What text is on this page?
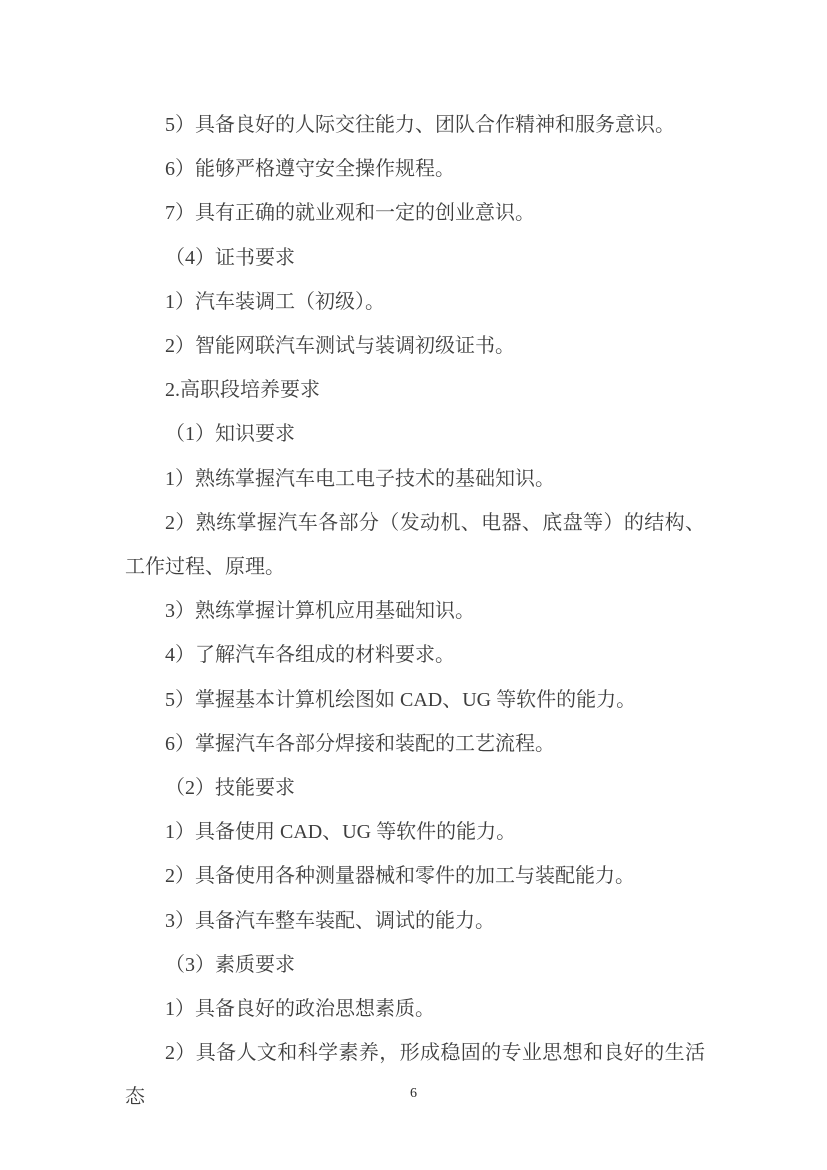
5）具备良好的人际交往能力、团队合作精神和服务意识。

6）能够严格遵守安全操作规程。

7）具有正确的就业观和一定的创业意识。

（4）证书要求

1）汽车装调工（初级）。

2）智能网联汽车测试与装调初级证书。

2.高职段培养要求

（1）知识要求

1）熟练掌握汽车电工电子技术的基础知识。

2）熟练掌握汽车各部分（发动机、电器、底盘等）的结构、工作过程、原理。

3）熟练掌握计算机应用基础知识。

4）了解汽车各组成的材料要求。

5）掌握基本计算机绘图如 CAD、UG 等软件的能力。

6）掌握汽车各部分焊接和装配的工艺流程。

（2）技能要求

1）具备使用 CAD、UG 等软件的能力。

2）具备使用各种测量器械和零件的加工与装配能力。

3）具备汽车整车装配、调试的能力。

（3）素质要求

1）具备良好的政治思想素质。

2）具备人文和科学素养，形成稳固的专业思想和良好的生活态	6
